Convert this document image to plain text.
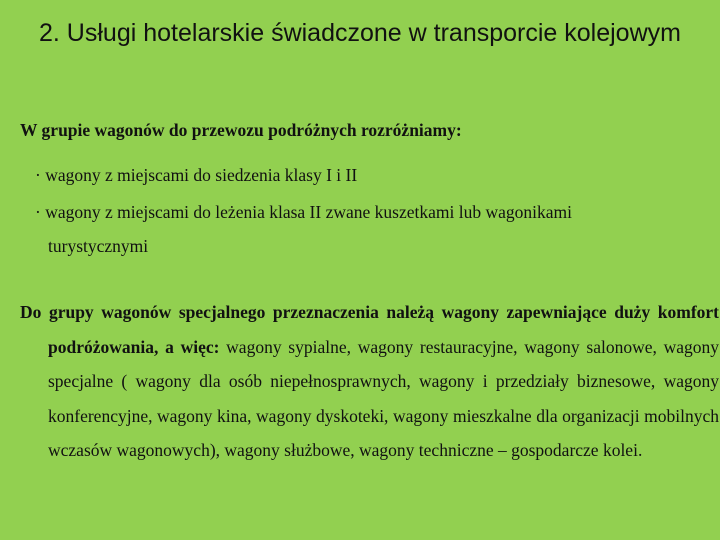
2. Usługi hotelarskie świadczone w transporcie kolejowym

W grupie wagonów do przewozu podróżnych rozróżniamy:

· wagony z miejscami do siedzenia klasy I i II

· wagony z miejscami do leżenia klasa II zwane kuszetkami lub wagonikami
turystycznymi

Do grupy wagonów specjalnego przeznaczenia należą wagony zapewniające duży komfort podróżowania, a więc: wagony sypialne, wagony restauracyjne, wagony salonowe, wagony specjalne ( wagony dla osób niepełnosprawnych, wagony i przedziały biznesowe, wagony konferencyjne, wagony kina, wagony dyskoteki, wagony mieszkalne dla organizacji mobilnych wczasów wagonowych), wagony służbowe, wagony techniczne – gospodarcze kolei.
